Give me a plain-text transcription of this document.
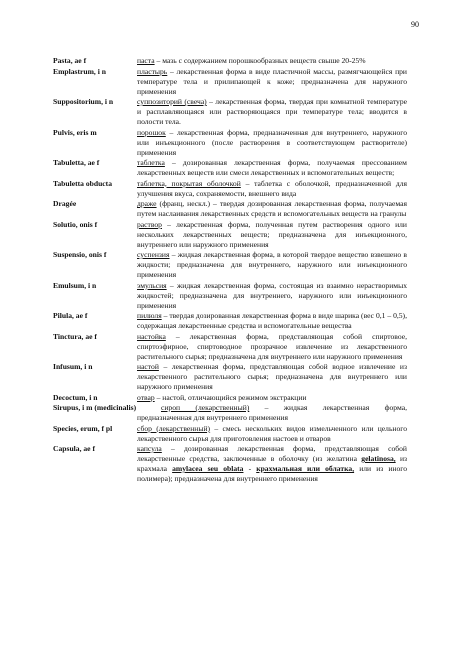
90
Pasta, ae f	паста – мазь с содержанием порошкообразных веществ свыше 20-25%
Emplastrum, i n	пластырь – лекарственная форма в виде пластичной массы, размягчающейся при температуре тела и прилипающей к коже; предназначена для наружного применения
Suppositorium, i n	суппозиторий (свеча) – лекарственная форма, твердая при комнатной температуре и расплавляющаяся или растворяющаяся при температуре тела; вводится в полости тела.
Pulvis, eris m	порошок – лекарственная форма, предназначенная для внутреннего, наружного или инъекционного (после растворения в соответствующем растворителе) применения
Tabuletta, ae f	таблетка – дозированная лекарственная форма, получаемая прессованием лекарственных веществ или смеси лекарственных и вспомогательных веществ;
Tabuletta obducta	таблетка, покрытая оболочкой – таблетка с оболочкой, предназначенной для улучшения вкуса, сохраняемости, внешнего вида
Dragée	драже (франц, нескл.) – твердая дозированная лекарственная форма, получаемая путем наслаивания лекарственных средств и вспомогательных веществ на гранулы
Solutio, onis f	раствор – лекарственная форма, полученная путем растворения одного или нескольких лекарственных веществ; предназначена для инъекционного, внутреннего или наружного применения
Suspensio, onis f	суспензия – жидкая лекарственная форма, в которой твердое вещество взвешено в жидкости; предназначена для внутреннего, наружного или инъекционного применения
Emulsum, i n	эмульсия – жидкая лекарственная форма, состоящая из взаимно нерастворимых жидкостей; предназначена для внутреннего, наружного или инъекционного применения
Pilula, ae f	пилюля – твердая дозированная лекарственная форма в виде шарика (вес 0,1 – 0,5), содержащая лекарственные средства и вспомогательные вещества
Tinctura, ae f	настойка – лекарственная форма, представляющая собой спиртовое, спиртоэфирное, спиртоводное прозрачное извлечение из лекарственного растительного сырья; предназначена для внутреннего или наружного применения
Infusum, i n	настой – лекарственная форма, представляющая собой водное извлечение из лекарственного растительного сырья; предназначена для внутреннего или наружного применения
Decoctum, i n	отвар – настой, отличающийся режимом экстракции
Sirupus, i m (medicinalis)	сироп (лекарственный) – жидкая лекарственная форма,
предназначенная для внутреннего применения
Species, erum, f pl	сбор (лекарственный) – смесь нескольких видов измельченного или цельного лекарственного сырья для приготовления настоев и отваров
Capsula, ae f	капсула – дозированная лекарственная форма, представляющая собой лекарственные средства, заключенные в оболочку (из желатина gelatinosa, из крахмала amylacea seu oblata - крахмальная или облатка, или из иного полимера); предназначена для внутреннего применения
